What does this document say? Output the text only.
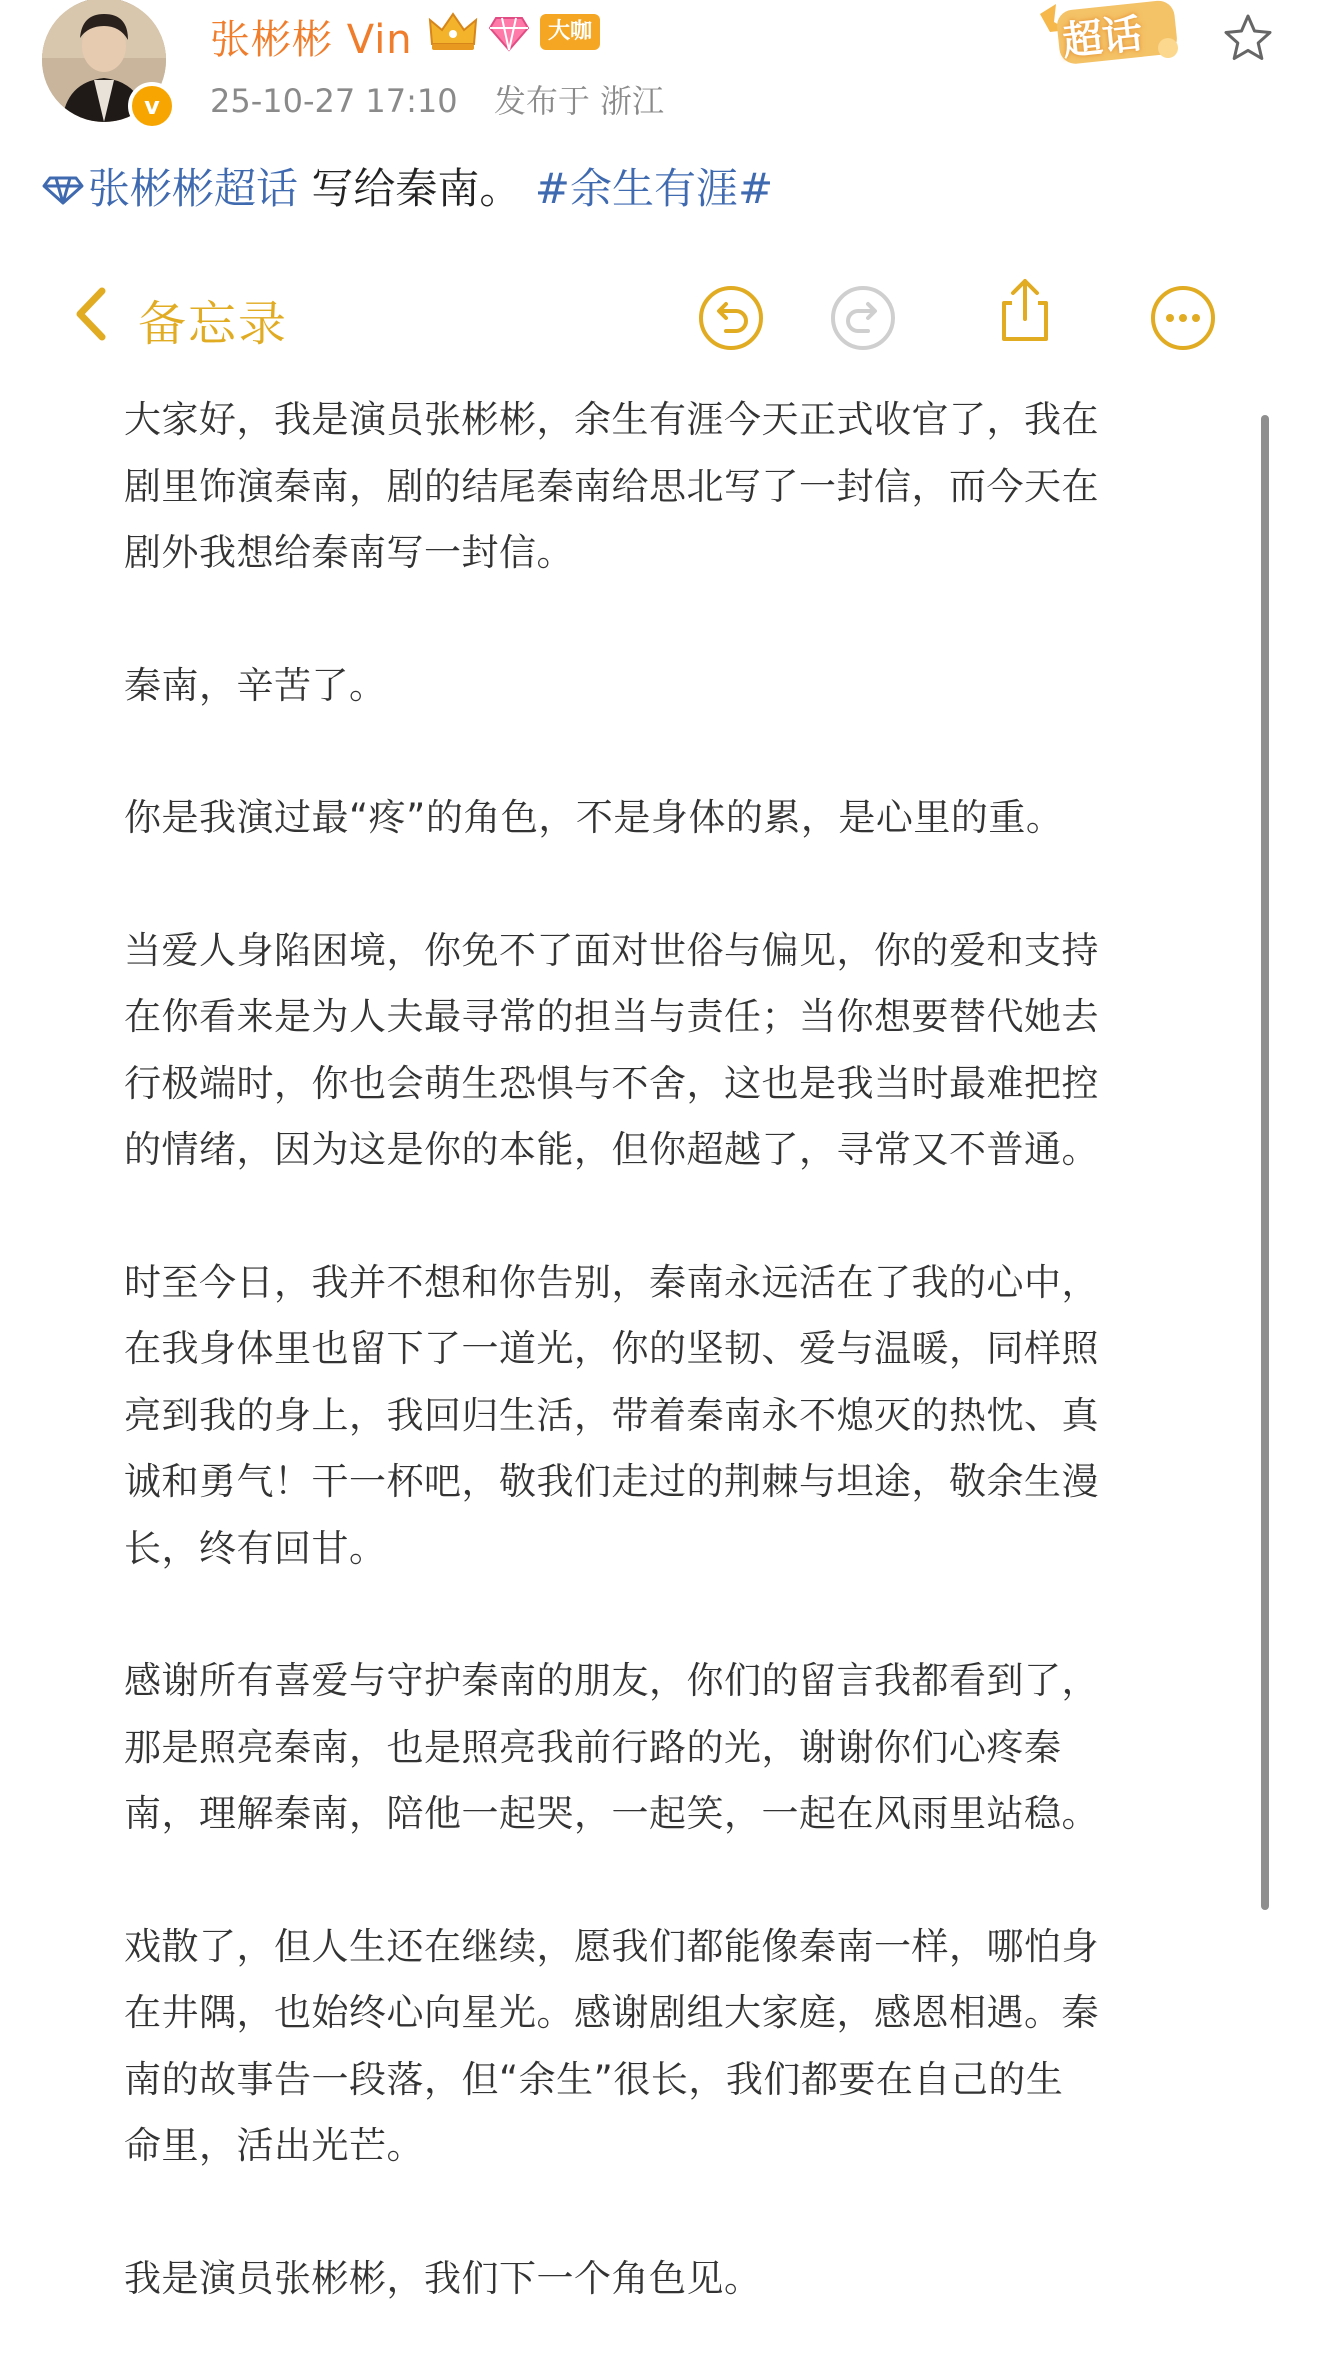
v
张彬彬 Vin	大咖
25-10-27 17:10 发布于 浙江
超话
张彬彬超话 写给秦南。 #余生有涯#
备忘录
大家好，我是演员张彬彬，余生有涯今天正式收官了，我在
剧里饰演秦南，剧的结尾秦南给思北写了一封信，而今天在
剧外我想给秦南写一封信。
秦南，辛苦了。
你是我演过最“疼”的角色，不是身体的累，是心里的重。
当爱人身陷困境，你免不了面对世俗与偏见，你的爱和支持
在你看来是为人夫最寻常的担当与责任；当你想要替代她去
行极端时，你也会萌生恐惧与不舍，这也是我当时最难把控
的情绪，因为这是你的本能，但你超越了，寻常又不普通。
时至今日，我并不想和你告别，秦南永远活在了我的心中，
在我身体里也留下了一道光，你的坚韧、爱与温暖，同样照
亮到我的身上，我回归生活，带着秦南永不熄灭的热忱、真
诚和勇气！干一杯吧，敬我们走过的荆棘与坦途，敬余生漫
长，终有回甘。
感谢所有喜爱与守护秦南的朋友，你们的留言我都看到了，
那是照亮秦南，也是照亮我前行路的光，谢谢你们心疼秦
南，理解秦南，陪他一起哭，一起笑，一起在风雨里站稳。
戏散了，但人生还在继续，愿我们都能像秦南一样，哪怕身
在井隅，也始终心向星光。感谢剧组大家庭，感恩相遇。秦
南的故事告一段落，但“余生”很长，我们都要在自己的生
命里，活出光芒。
我是演员张彬彬，我们下一个角色见。
